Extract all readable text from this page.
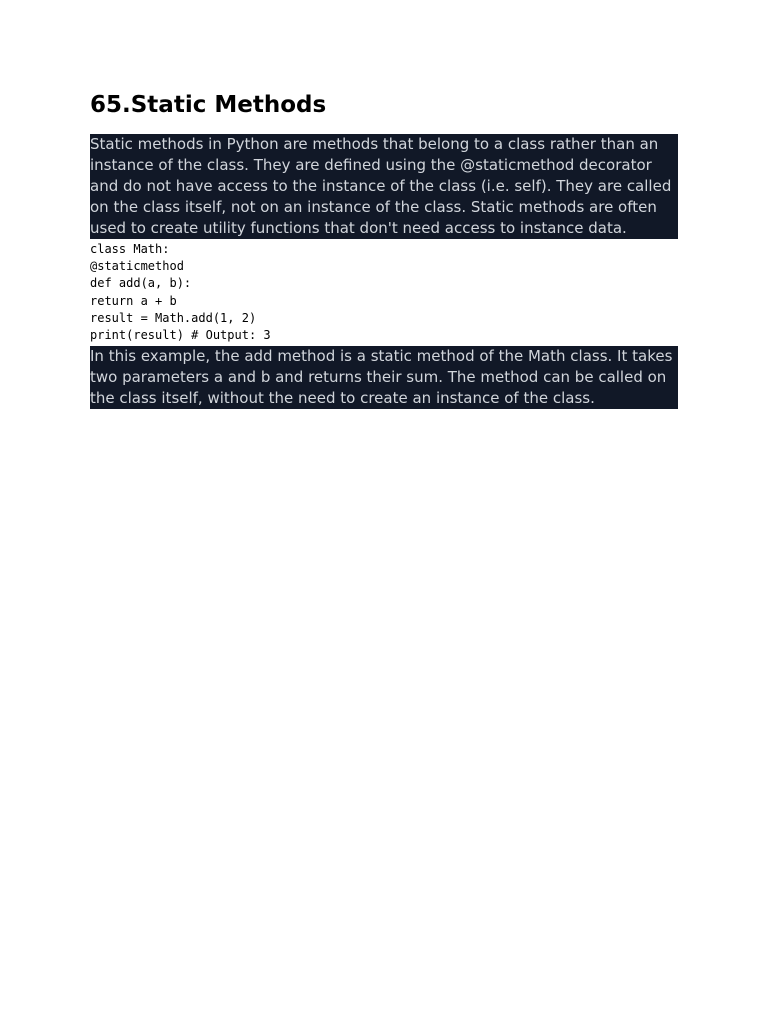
65.Static Methods
Static methods in Python are methods that belong to a class rather than an
instance of the class. They are defined using the @staticmethod decorator
and do not have access to the instance of the class (i.e. self). They are called
on the class itself, not on an instance of the class. Static methods are often
used to create utility functions that don't need access to instance data.
class Math:
@staticmethod
def add(a, b):
return a + b
result = Math.add(1, 2)
print(result) # Output: 3
In this example, the add method is a static method of the Math class. It takes
two parameters a and b and returns their sum. The method can be called on
the class itself, without the need to create an instance of the class.
